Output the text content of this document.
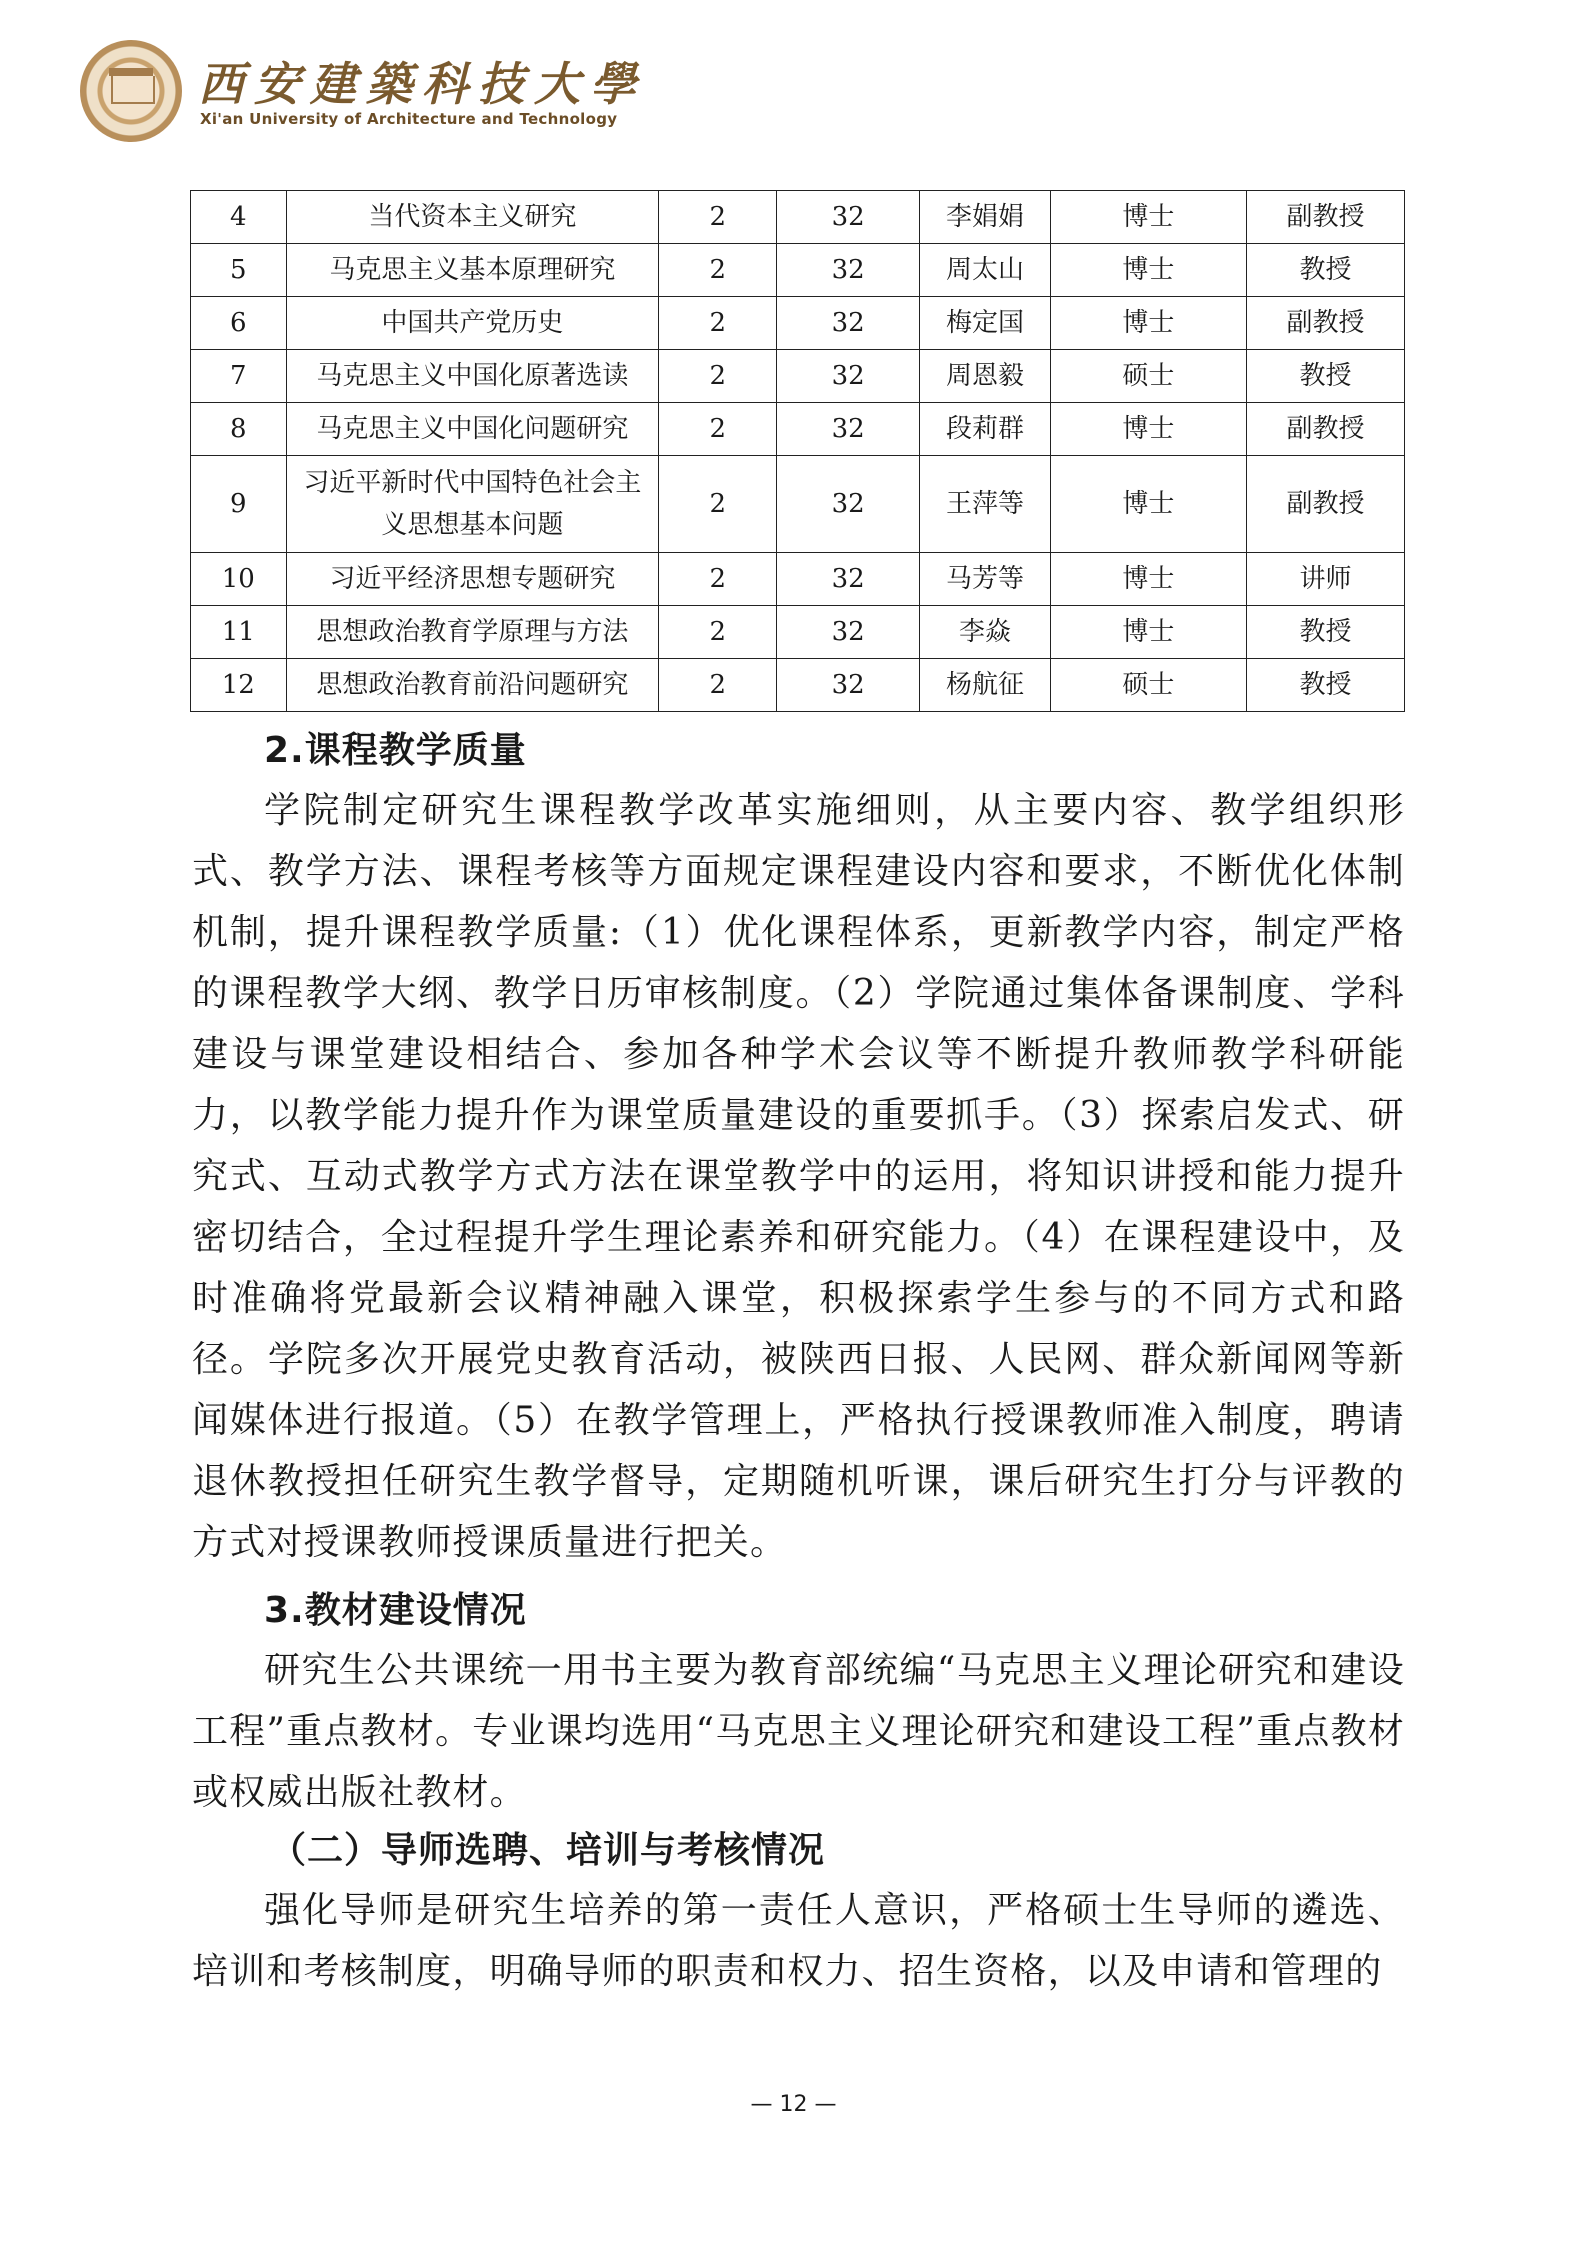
西安建築科技大學
Xi'an University of Architecture and Technology
4	当代资本主义研究	2	32	李娟娟	博士	副教授
5	马克思主义基本原理研究	2	32	周太山	博士	教授
6	中国共产党历史	2	32	梅定国	博士	副教授
7	马克思主义中国化原著选读	2	32	周恩毅	硕士	教授
8	马克思主义中国化问题研究	2	32	段莉群	博士	副教授
9	习近平新时代中国特色社会主义思想基本问题	2	32	王萍等	博士	副教授
10	习近平经济思想专题研究	2	32	马芳等	博士	讲师
11	思想政治教育学原理与方法	2	32	李焱	博士	教授
12	思想政治教育前沿问题研究	2	32	杨航征	硕士	教授
2.课程教学质量

学院制定研究生课程教学改革实施细则，从主要内容、教学组织形式、教学方法、课程考核等方面规定课程建设内容和要求，不断优化体制机制，提升课程教学质量:（1）优化课程体系，更新教学内容，制定严格的课程教学大纲、教学日历审核制度。（2）学院通过集体备课制度、学科建设与课堂建设相结合、参加各种学术会议等不断提升教师教学科研能力，以教学能力提升作为课堂质量建设的重要抓手。（3）探索启发式、研究式、互动式教学方式方法在课堂教学中的运用，将知识讲授和能力提升密切结合，全过程提升学生理论素养和研究能力。（4）在课程建设中，及时准确将党最新会议精神融入课堂，积极探索学生参与的不同方式和路径。学院多次开展党史教育活动，被陕西日报、人民网、群众新闻网等新闻媒体进行报道。（5）在教学管理上，严格执行授课教师准入制度，聘请退休教授担任研究生教学督导，定期随机听课，课后研究生打分与评教的方式对授课教师授课质量进行把关。

3.教材建设情况

研究生公共课统一用书主要为教育部统编“马克思主义理论研究和建设工程”重点教材。专业课均选用“马克思主义理论研究和建设工程”重点教材或权威出版社教材。

（二）导师选聘、培训与考核情况

强化导师是研究生培养的第一责任人意识，严格硕士生导师的遴选、培训和考核制度，明确导师的职责和权力、招生资格，以及申请和管理的

— 12 —
